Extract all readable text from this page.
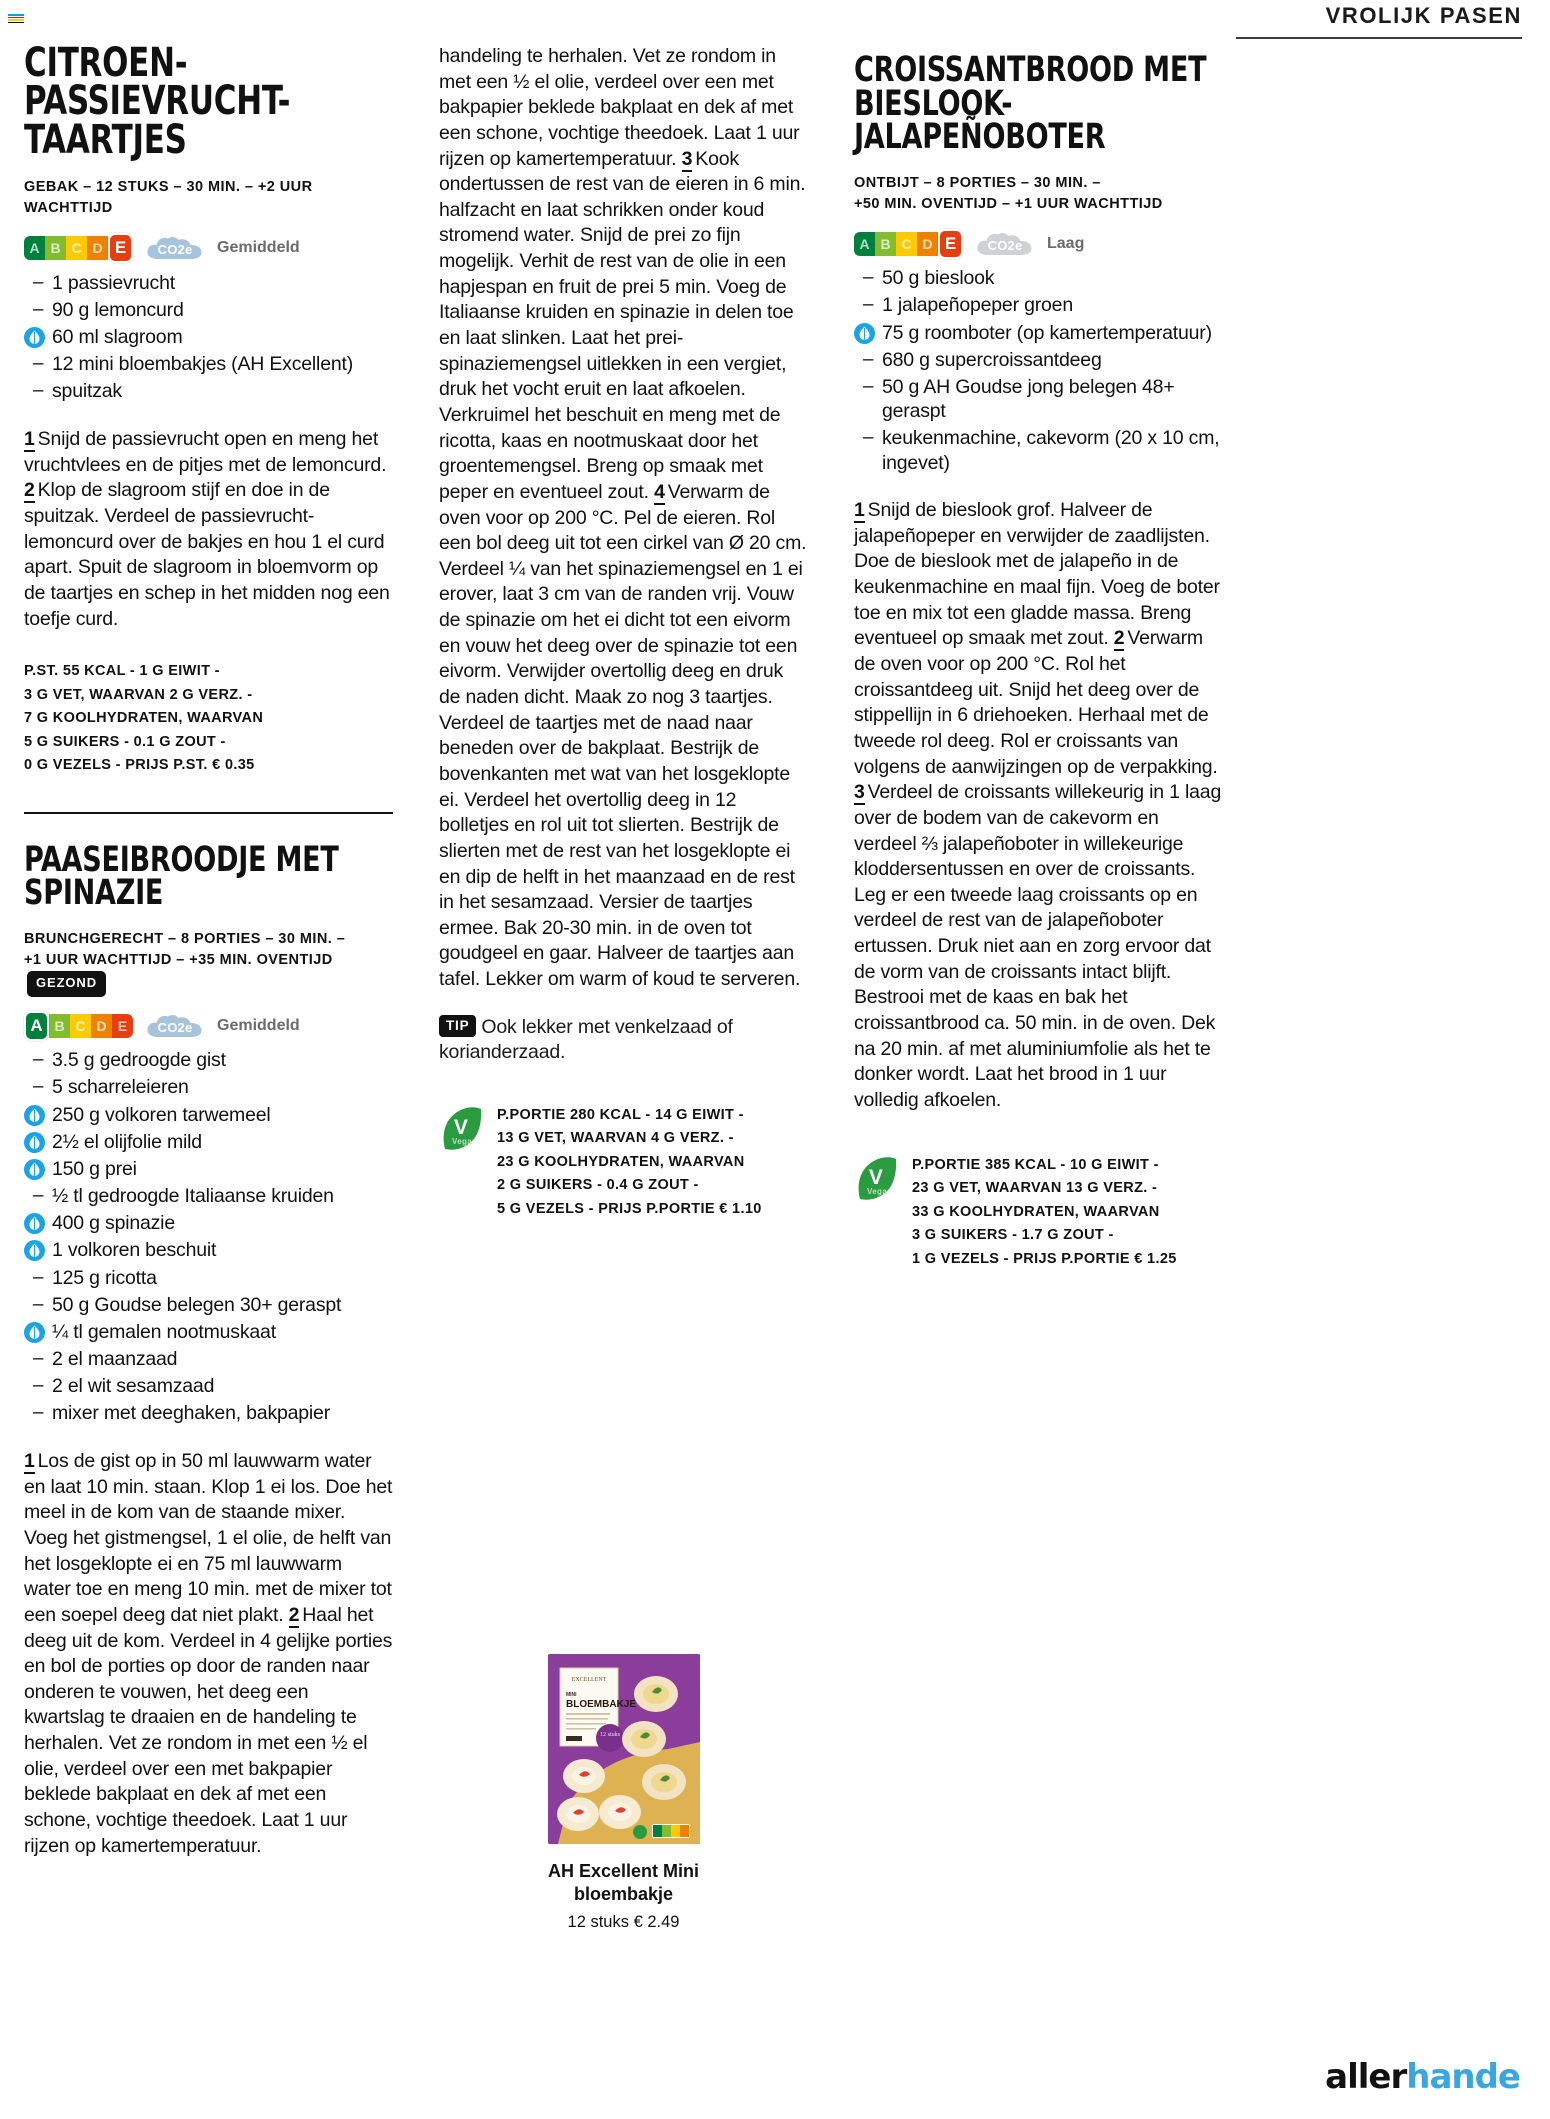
VROLIJK PASEN
CITROEN-PASSIEVRUCHT-TAARTJES
GEBAK – 12 STUKS – 30 MIN. – +2 UUR WACHTTIJD
A B C D E	CO2e Gemiddeld
– 1 passievrucht
– 90 g lemoncurd
60 ml slagroom
– 12 mini bloembakjes (AH Excellent)
– spuitzak
1 Snijd de passievrucht open en meng het vruchtvlees en de pitjes met de lemoncurd. 2 Klop de slagroom stijf en doe in de spuitzak. Verdeel de passievrucht-lemoncurd over de bakjes en hou 1 el curd apart. Spuit de slagroom in bloemvorm op de taartjes en schep in het midden nog een toefje curd.
P.ST. 55 KCAL - 1 G EIWIT -
3 G VET, WAARVAN 2 G VERZ. -
7 G KOOLHYDRATEN, WAARVAN
5 G SUIKERS - 0.1 G ZOUT -
0 G VEZELS - PRIJS P.ST. € 0.35
PAASEIBROODJE MET SPINAZIE
BRUNCHGERECHT – 8 PORTIES – 30 MIN. –
+1 UUR WACHTTIJD – +35 MIN. OVENTIJD GEZOND
A B C D E	CO2e Gemiddeld
– 3.5 g gedroogde gist
– 5 scharreleieren
250 g volkoren tarwemeel
2½ el olijfolie mild
150 g prei
– ½ tl gedroogde Italiaanse kruiden
400 g spinazie
1 volkoren beschuit
– 125 g ricotta
– 50 g Goudse belegen 30+ geraspt
¼ tl gemalen nootmuskaat
– 2 el maanzaad
– 2 el wit sesamzaad
– mixer met deeghaken, bakpapier
1 Los de gist op in 50 ml lauwwarm water en laat 10 min. staan. Klop 1 ei los. Doe het meel in de kom van de staande mixer. Voeg het gistmengsel, 1 el olie, de helft van het losgeklopte ei en 75 ml lauwwarm water toe en meng 10 min. met de mixer tot een soepel deeg dat niet plakt. 2 Haal het deeg uit de kom. Verdeel in 4 gelijke porties en bol de porties op door de randen naar onderen te vouwen, het deeg een kwartslag te draaien en de handeling te herhalen. Vet ze rondom in met een ½ el olie, verdeel over een met bakpapier beklede bakplaat en dek af met een schone, vochtige theedoek. Laat 1 uur rijzen op kamertemperatuur.
handeling te herhalen. Vet ze rondom in met een ½ el olie, verdeel over een met bakpapier beklede bakplaat en dek af met een schone, vochtige theedoek. Laat 1 uur rijzen op kamertemperatuur. 3 Kook ondertussen de rest van de eieren in 6 min. halfzacht en laat schrikken onder koud stromend water. Snijd de prei zo fijn mogelijk. Verhit de rest van de olie in een hapjespan en fruit de prei 5 min. Voeg de Italiaanse kruiden en spinazie in delen toe en laat slinken. Laat het prei-spinaziemengsel uitlekken in een vergiet, druk het vocht eruit en laat afkoelen. Verkruimel het beschuit en meng met de ricotta, kaas en nootmuskaat door het groentemengsel. Breng op smaak met peper en eventueel zout. 4 Verwarm de oven voor op 200 °C. Pel de eieren. Rol een bol deeg uit tot een cirkel van Ø 20 cm. Verdeel ¼ van het spinaziemengsel en 1 ei erover, laat 3 cm van de randen vrij. Vouw de spinazie om het ei dicht tot een eivorm en vouw het deeg over de spinazie tot een eivorm. Verwijder overtollig deeg en druk de naden dicht. Maak zo nog 3 taartjes. Verdeel de taartjes met de naad naar beneden over de bakplaat. Bestrijk de bovenkanten met wat van het losgeklopte ei. Verdeel het overtollig deeg in 12 bolletjes en rol uit tot slierten. Bestrijk de slierten met de rest van het losgeklopte ei en dip de helft in het maanzaad en de rest in het sesamzaad. Versier de taartjes ermee. Bak 20-30 min. in de oven tot goudgeel en gaar. Halveer de taartjes aan tafel. Lekker om warm of koud te serveren.
TIP Ook lekker met venkelzaad of korianderzaad.
V
Vega
P.PORTIE 280 KCAL - 14 G EIWIT -
13 G VET, WAARVAN 4 G VERZ. -
23 G KOOLHYDRATEN, WAARVAN
2 G SUIKERS - 0.4 G ZOUT -
5 G VEZELS - PRIJS P.PORTIE € 1.10
EXCELLENT
MINI
BLOEMBAKJE
12 stuks
AH Excellent Mini
bloembakje
12 stuks € 2.49
CROISSANTBROOD MET BIESLOOK-JALAPEÑOBOTER
ONTBIJT – 8 PORTIES – 30 MIN. –
+50 MIN. OVENTIJD – +1 UUR WACHTTIJD
A B C D E	CO2e Laag
– 50 g bieslook
– 1 jalapeñopeper groen
75 g roomboter (op kamertemperatuur)
– 680 g supercroissantdeeg
– 50 g AH Goudse jong belegen 48+ geraspt
– keukenmachine, cakevorm (20 x 10 cm, ingevet)
1 Snijd de bieslook grof. Halveer de jalapeñopeper en verwijder de zaadlijsten. Doe de bieslook met de jalapeño in de keukenmachine en maal fijn. Voeg de boter toe en mix tot een gladde massa. Breng eventueel op smaak met zout. 2 Verwarm de oven voor op 200 °C. Rol het croissantdeeg uit. Snijd het deeg over de stippellijn in 6 driehoeken. Herhaal met de tweede rol deeg. Rol er croissants van volgens de aanwijzingen op de verpakking. 3 Verdeel de croissants willekeurig in 1 laag over de bodem van de cakevorm en verdeel ⅔ jalapeñoboter in willekeurige kloddersentussen en over de croissants. Leg er een tweede laag croissants op en verdeel de rest van de jalapeñoboter ertussen. Druk niet aan en zorg ervoor dat de vorm van de croissants intact blijft. Bestrooi met de kaas en bak het croissantbrood ca. 50 min. in de oven. Dek na 20 min. af met aluminiumfolie als het te donker wordt. Laat het brood in 1 uur volledig afkoelen.
V
Vega
P.PORTIE 385 KCAL - 10 G EIWIT -
23 G VET, WAARVAN 13 G VERZ. -
33 G KOOLHYDRATEN, WAARVAN
3 G SUIKERS - 1.7 G ZOUT -
1 G VEZELS - PRIJS P.PORTIE € 1.25
allerhande
